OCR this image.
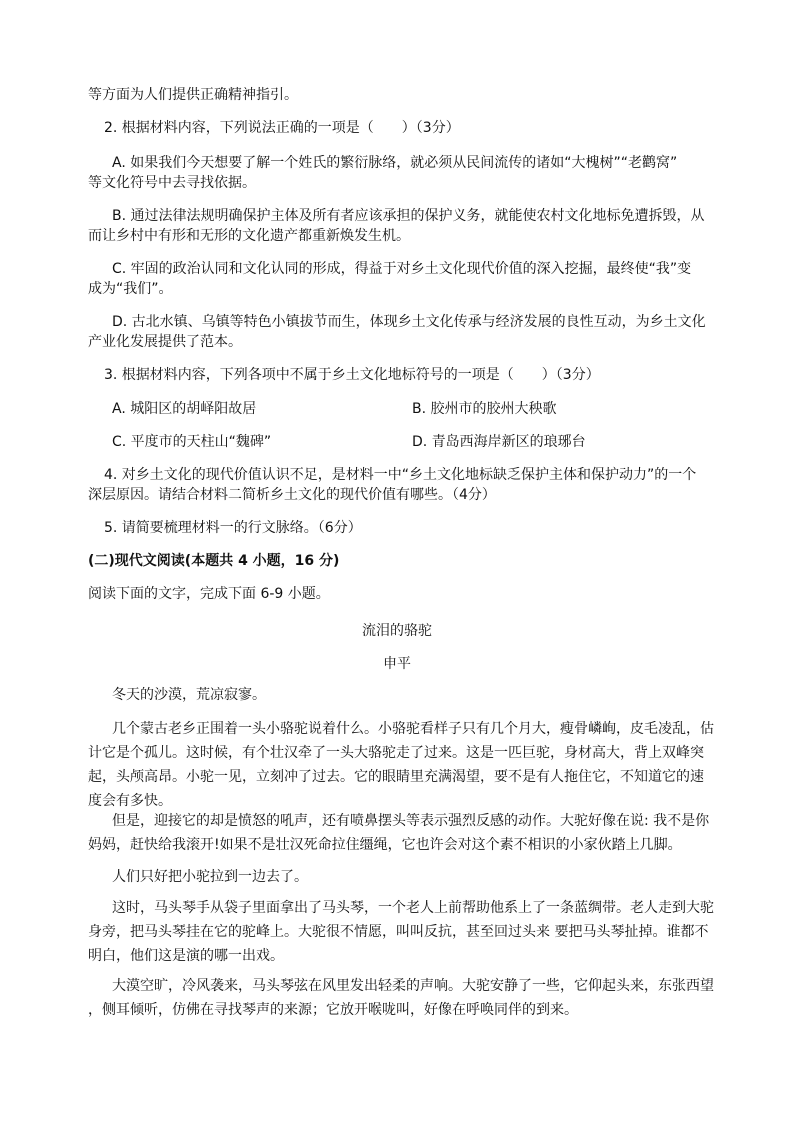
等方面为人们提供正确精神指引。
2. 根据材料内容，下列说法正确的一项是（　　）（3分）
A. 如果我们今天想要了解一个姓氏的繁衍脉络，就必须从民间流传的诸如“大槐树”“老鹳窝”
等文化符号中去寻找依据。
B. 通过法律法规明确保护主体及所有者应该承担的保护义务，就能使农村文化地标免遭拆毁，从
而让乡村中有形和无形的文化遗产都重新焕发生机。
C. 牢固的政治认同和文化认同的形成，得益于对乡土文化现代价值的深入挖掘，最终使“我”变
成为“我们”。
D. 古北水镇、乌镇等特色小镇拔节而生，体现乡土文化传承与经济发展的良性互动，为乡土文化
产业化发展提供了范本。
3. 根据材料内容，下列各项中不属于乡土文化地标符号的一项是（　　）（3分）
A. 城阳区的胡峄阳故居	B. 胶州市的胶州大秧歌
C. 平度市的天柱山“魏碑”	D. 青岛西海岸新区的琅琊台
4. 对乡土文化的现代价值认识不足，是材料一中“乡土文化地标缺乏保护主体和保护动力”的一个
深层原因。请结合材料二简析乡土文化的现代价值有哪些。（4分）
5. 请简要梳理材料一的行文脉络。（6分）
(二)现代文阅读(本题共 4 小题，16 分)
阅读下面的文字，完成下面 6-9 小题。
流泪的骆驼
申平
冬天的沙漠，荒凉寂寥。
几个蒙古老乡正围着一头小骆驼说着什么。小骆驼看样子只有几个月大，瘦骨嶙峋，皮毛凌乱，估
计它是个孤儿。这时候，有个壮汉牵了一头大骆驼走了过来。这是一匹巨驼，身材高大，背上双峰突
起，头颅高昂。小驼一见，立刻冲了过去。它的眼睛里充满渴望，要不是有人拖住它，不知道它的速
度会有多快。
但是，迎接它的却是愤怒的吼声，还有喷鼻摆头等表示强烈反感的动作。大驼好像在说: 我不是你
妈妈，赶快给我滚开!如果不是壮汉死命拉住缰绳，它也许会对这个素不相识的小家伙踏上几脚。
人们只好把小驼拉到一边去了。
这时，马头琴手从袋子里面拿出了马头琴，一个老人上前帮助他系上了一条蓝绸带。老人走到大驼
身旁，把马头琴挂在它的驼峰上。大驼很不情愿，叫叫反抗，甚至回过头来 要把马头琴扯掉。谁都不
明白，他们这是演的哪一出戏。
大漠空旷，冷风袭来，马头琴弦在风里发出轻柔的声响。大驼安静了一些，它仰起头来，东张西望
，侧耳倾听，仿佛在寻找琴声的来源；它放开喉咙叫，好像在呼唤同伴的到来。
